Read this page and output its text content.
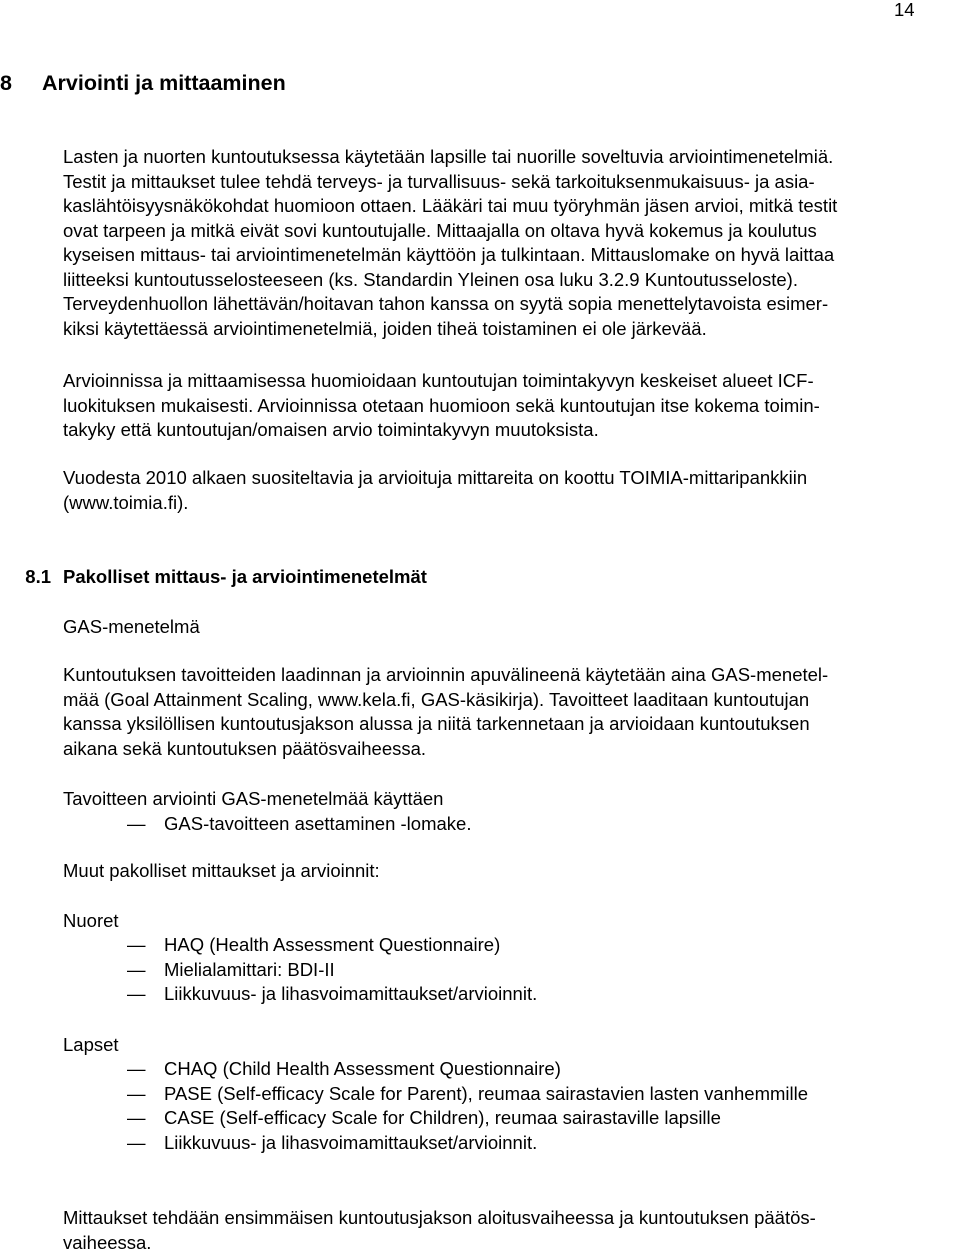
14
8 Arviointi ja mittaaminen
Lasten ja nuorten kuntoutuksessa käytetään lapsille tai nuorille soveltuvia arviointimenetelmiä.
Testit ja mittaukset tulee tehdä terveys- ja turvallisuus- sekä tarkoituksenmukaisuus- ja asia-
kaslähtöisyysnäkökohdat huomioon ottaen. Lääkäri tai muu työryhmän jäsen arvioi, mitkä testit
ovat tarpeen ja mitkä eivät sovi kuntoutujalle. Mittaajalla on oltava hyvä kokemus ja koulutus
kyseisen mittaus- tai arviointimenetelmän käyttöön ja tulkintaan. Mittauslomake on hyvä laittaa
liitteeksi kuntoutusselosteeseen (ks. Standardin Yleinen osa luku 3.2.9 Kuntoutusseloste).
Terveydenhuollon lähettävän/hoitavan tahon kanssa on syytä sopia menettelytavoista esimer-
kiksi käytettäessä arviointimenetelmiä, joiden tiheä toistaminen ei ole järkevää.
Arvioinnissa ja mittaamisessa huomioidaan kuntoutujan toimintakyvyn keskeiset alueet ICF-
luokituksen mukaisesti. Arvioinnissa otetaan huomioon sekä kuntoutujan itse kokema toimin-
takyky että kuntoutujan/omaisen arvio toimintakyvyn muutoksista.
Vuodesta 2010 alkaen suositeltavia ja arvioituja mittareita on koottu TOIMIA-mittaripankkiin
(www.toimia.fi).
8.1 Pakolliset mittaus- ja arviointimenetelmät
GAS-menetelmä
Kuntoutuksen tavoitteiden laadinnan ja arvioinnin apuvälineenä käytetään aina GAS-menetel-
mää (Goal Attainment Scaling, www.kela.fi, GAS-käsikirja). Tavoitteet laaditaan kuntoutujan
kanssa yksilöllisen kuntoutusjakson alussa ja niitä tarkennetaan ja arvioidaan kuntoutuksen
aikana sekä kuntoutuksen päätösvaiheessa.
Tavoitteen arviointi GAS-menetelmää käyttäen
—	GAS-tavoitteen asettaminen -lomake.
Muut pakolliset mittaukset ja arvioinnit:
Nuoret
—	HAQ (Health Assessment Questionnaire)
—	Mielialamittari: BDI-II
—	Liikkuvuus- ja lihasvoimamittaukset/arvioinnit.
Lapset
—	CHAQ (Child Health Assessment Questionnaire)
—	PASE (Self-efficacy Scale for Parent), reumaa sairastavien lasten vanhemmille
—	CASE (Self-efficacy Scale for Children), reumaa sairastaville lapsille
—	Liikkuvuus- ja lihasvoimamittaukset/arvioinnit.
Mittaukset tehdään ensimmäisen kuntoutusjakson aloitusvaiheessa ja kuntoutuksen päätös-
vaiheessa.
